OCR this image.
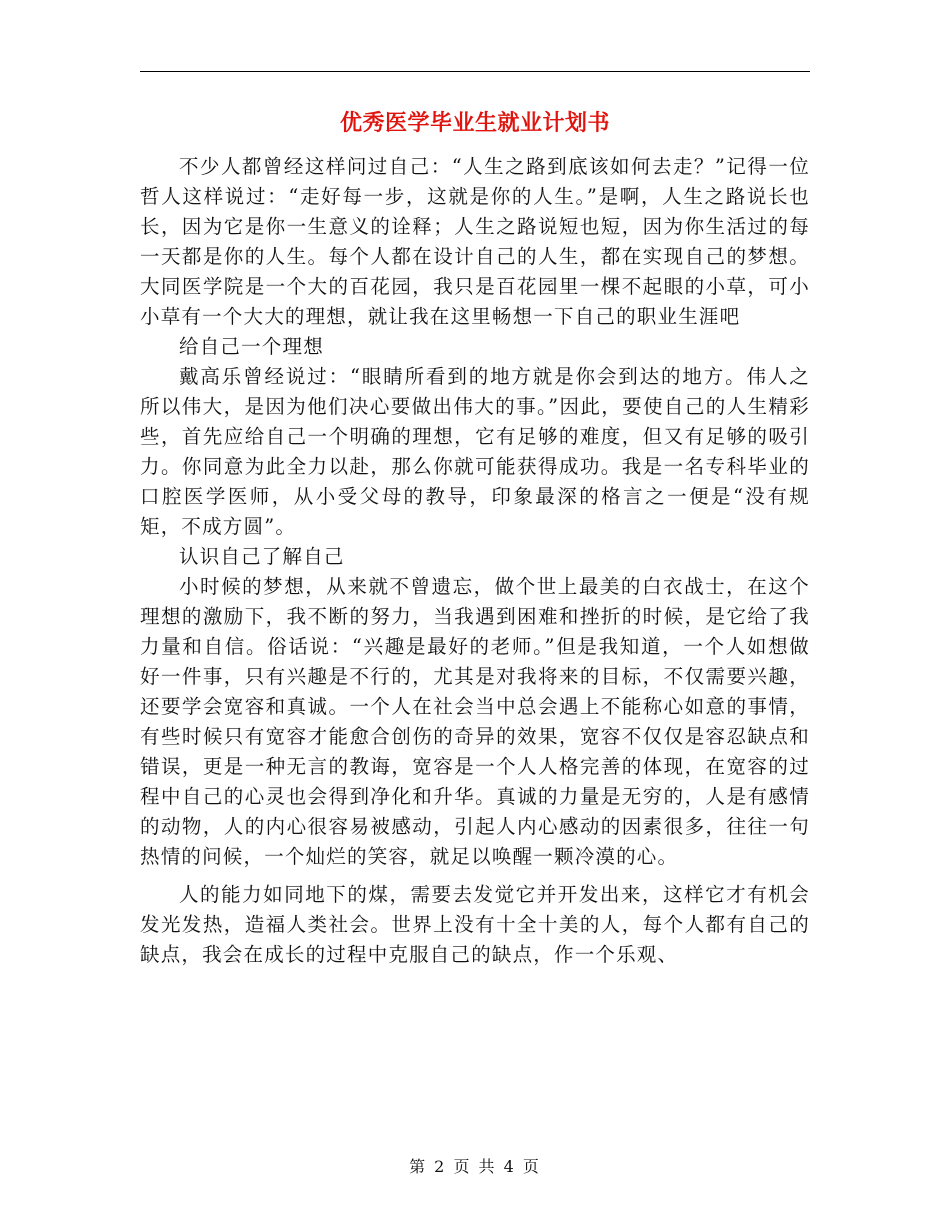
优秀医学毕业生就业计划书

不少人都曾经这样问过自己：“人生之路到底该如何去走？”记得一位哲人这样说过：“走好每一步，这就是你的人生。”是啊，人生之路说长也长，因为它是你一生意义的诠释；人生之路说短也短，因为你生活过的每一天都是你的人生。每个人都在设计自己的人生，都在实现自己的梦想。大同医学院是一个大的百花园，我只是百花园里一棵不起眼的小草，可小小草有一个大大的理想，就让我在这里畅想一下自己的职业生涯吧

给自己一个理想

戴高乐曾经说过：“眼睛所看到的地方就是你会到达的地方。伟人之所以伟大，是因为他们决心要做出伟大的事。”因此，要使自己的人生精彩些，首先应给自己一个明确的理想，它有足够的难度，但又有足够的吸引力。你同意为此全力以赴，那么你就可能获得成功。我是一名专科毕业的口腔医学医师，从小受父母的教导，印象最深的格言之一便是“没有规矩，不成方圆”。

认识自己了解自己

小时候的梦想，从来就不曾遗忘，做个世上最美的白衣战士，在这个理想的激励下，我不断的努力，当我遇到困难和挫折的时候，是它给了我力量和自信。俗话说：“兴趣是最好的老师。”但是我知道，一个人如想做好一件事，只有兴趣是不行的，尤其是对我将来的目标，不仅需要兴趣，还要学会宽容和真诚。一个人在社会当中总会遇上不能称心如意的事情，有些时候只有宽容才能愈合创伤的奇异的效果，宽容不仅仅是容忍缺点和错误，更是一种无言的教诲，宽容是一个人人格完善的体现，在宽容的过程中自己的心灵也会得到净化和升华。真诚的力量是无穷的，人是有感情的动物，人的内心很容易被感动，引起人内心感动的因素很多，往往一句热情的问候，一个灿烂的笑容，就足以唤醒一颗冷漠的心。

人的能力如同地下的煤，需要去发觉它并开发出来，这样它才有机会发光发热，造福人类社会。世界上没有十全十美的人，每个人都有自己的缺点，我会在成长的过程中克服自己的缺点，作一个乐观、

第 2 页 共 4 页
